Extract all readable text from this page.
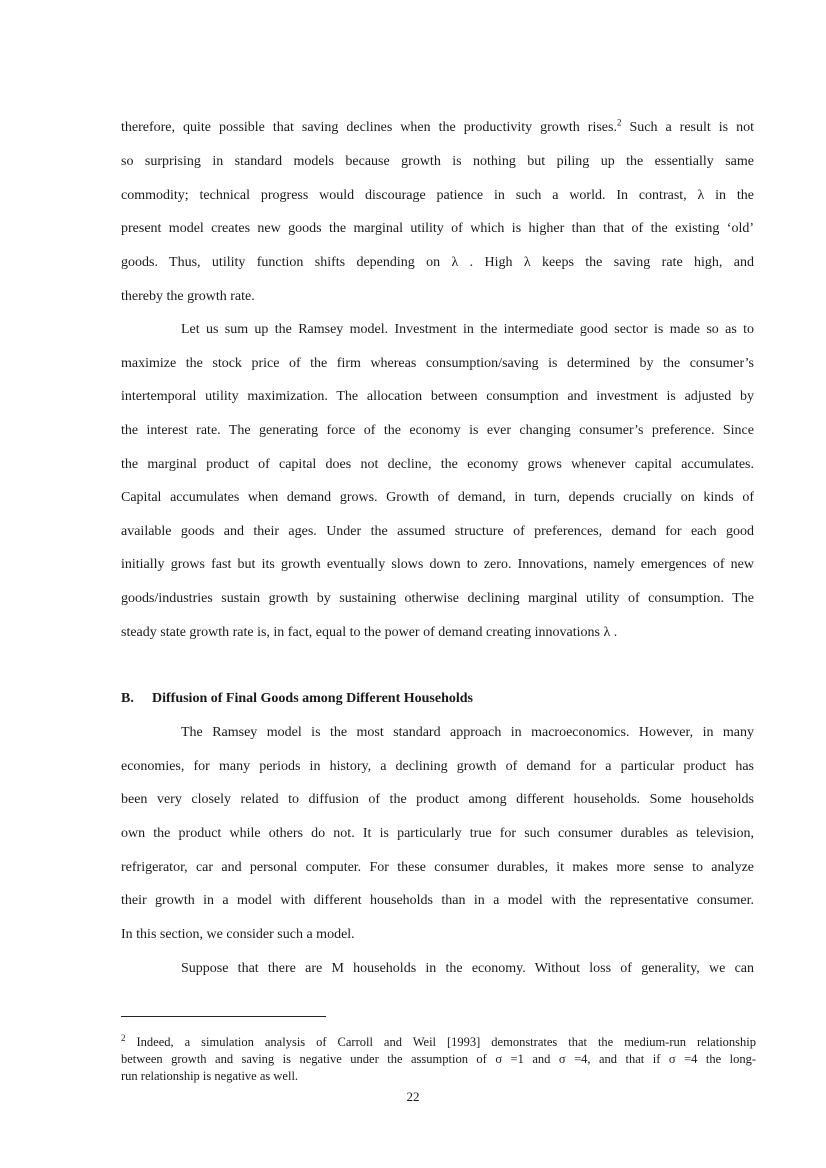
therefore, quite possible that saving declines when the productivity growth rises.$^2$ Such a result is not
so surprising in standard models because growth is nothing but piling up the essentially same
commodity; technical progress would discourage patience in such a world. In contrast, λ in the
present model creates new goods the marginal utility of which is higher than that of the existing ‘old’
goods. Thus, utility function shifts depending on λ . High λ keeps the saving rate high, and
thereby the growth rate.
Let us sum up the Ramsey model. Investment in the intermediate good sector is made so as to
maximize the stock price of the firm whereas consumption/saving is determined by the consumer’s
intertemporal utility maximization. The allocation between consumption and investment is adjusted by
the interest rate. The generating force of the economy is ever changing consumer’s preference. Since
the marginal product of capital does not decline, the economy grows whenever capital accumulates.
Capital accumulates when demand grows. Growth of demand, in turn, depends crucially on kinds of
available goods and their ages. Under the assumed structure of preferences, demand for each good
initially grows fast but its growth eventually slows down to zero. Innovations, namely emergences of new
goods/industries sustain growth by sustaining otherwise declining marginal utility of consumption. The
steady state growth rate is, in fact, equal to the power of demand creating innovations λ .
B. Diffusion of Final Goods among Different Households
The Ramsey model is the most standard approach in macroeconomics. However, in many
economies, for many periods in history, a declining growth of demand for a particular product has
been very closely related to diffusion of the product among different households. Some households
own the product while others do not. It is particularly true for such consumer durables as television,
refrigerator, car and personal computer. For these consumer durables, it makes more sense to analyze
their growth in a model with different households than in a model with the representative consumer.
In this section, we consider such a model.
Suppose that there are M households in the economy. Without loss of generality, we can
$^2$ Indeed, a simulation analysis of Carroll and Weil [1993] demonstrates that the medium-run relationship
between growth and saving is negative under the assumption of σ =1 and σ =4, and that if σ =4 the long-
run relationship is negative as well.
22
